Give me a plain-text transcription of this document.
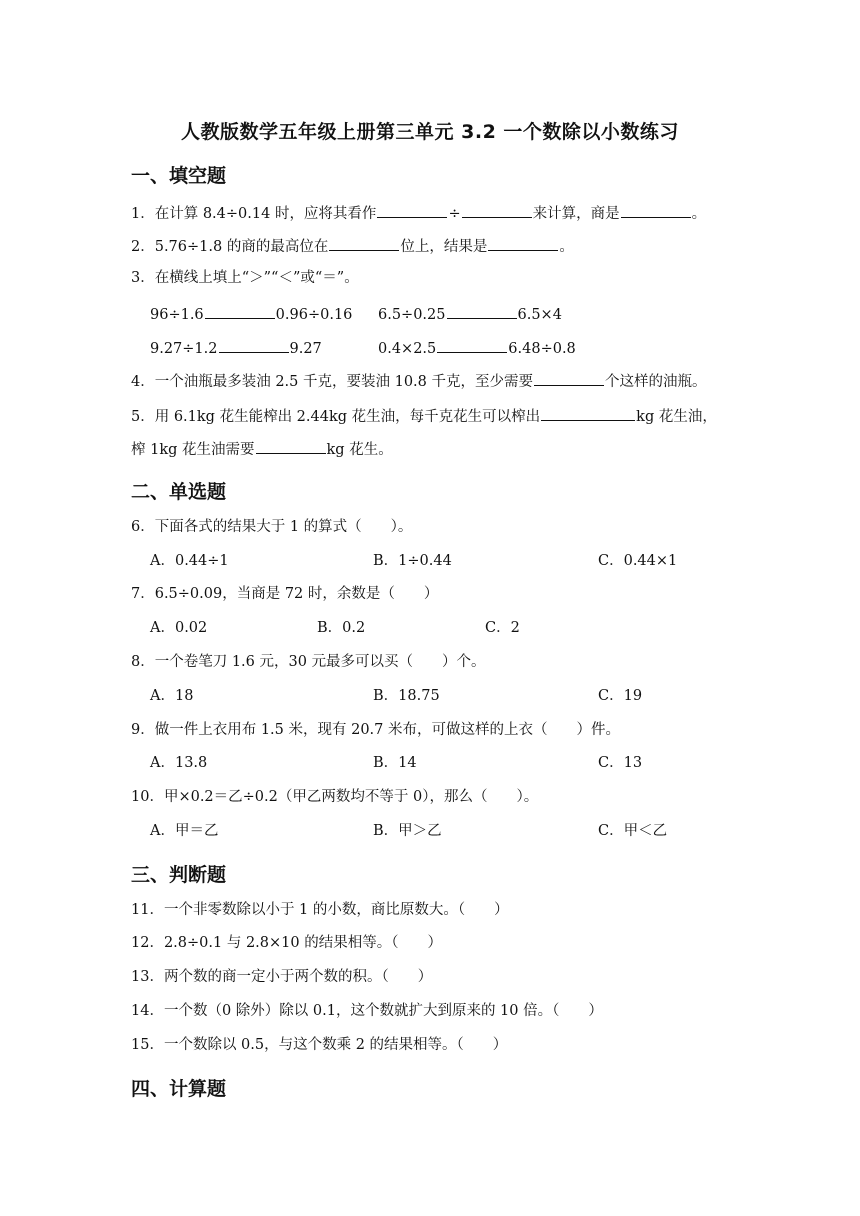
人教版数学五年级上册第三单元 3.2 一个数除以小数练习
一、填空题
1．在计算 8.4÷0.14 时，应将其看作	÷	来计算，商是	。
2．5.76÷1.8 的商的最高位在	位上，结果是	。
3．在横线上填上“＞”“＜”或“＝”。
96÷1.6	0.96÷0.16 6.5÷0.25	6.5×4
9.27÷1.2	9.27	0.4×2.5	6.48÷0.8
4．一个油瓶最多装油 2.5 千克，要装油 10.8 千克，至少需要	个这样的油瓶。
5．用 6.1kg 花生能榨出 2.44kg 花生油，每千克花生可以榨出	kg 花生油，
榨 1kg 花生油需要	kg 花生。
二、单选题
6．下面各式的结果大于 1 的算式（　　）。
A．0.44÷1	B．1÷0.44	C．0.44×1
7．6.5÷0.09，当商是 72 时，余数是（　　）
A．0.02	B．0.2	C．2
8．一个卷笔刀 1.6 元，30 元最多可以买（　　）个。
A．18	B．18.75	C．19
9．做一件上衣用布 1.5 米，现有 20.7 米布，可做这样的上衣（　　）件。
A．13.8	B．14	C．13
10．甲×0.2＝乙÷0.2（甲乙两数均不等于 0），那么（　　）。
A．甲＝乙	B．甲＞乙	C．甲＜乙
三、判断题
11．一个非零数除以小于 1 的小数，商比原数大。（　　）
12．2.8÷0.1 与 2.8×10 的结果相等。（　　）
13．两个数的商一定小于两个数的积。（　　）
14．一个数（0 除外）除以 0.1，这个数就扩大到原来的 10 倍。（　　）
15．一个数除以 0.5，与这个数乘 2 的结果相等。（　　）
四、计算题
